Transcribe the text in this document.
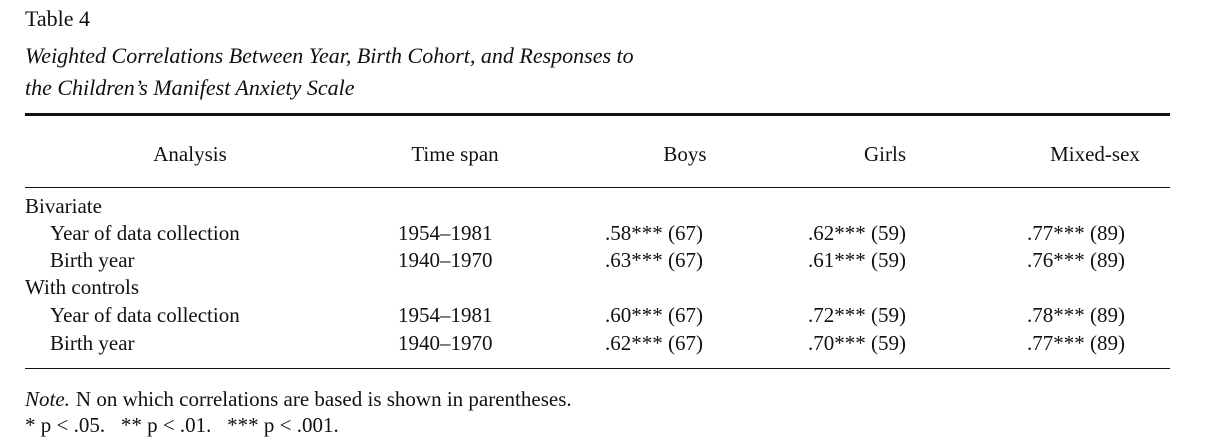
Table 4
Weighted Correlations Between Year, Birth Cohort, and Responses to
the Children’s Manifest Anxiety Scale
Analysis	Time span	Boys	Girls	Mixed-sex
Bivariate
Year of data collection	1954–1981	.58*** (67)	.62*** (59)	.77*** (89)
Birth year	1940–1970	.63*** (67)	.61*** (59)	.76*** (89)
With controls
Year of data collection	1954–1981	.60*** (67)	.72*** (59)	.78*** (89)
Birth year	1940–1970	.62*** (67)	.70*** (59)	.77*** (89)
Note. N on which correlations are based is shown in parentheses.
* p < .05.   ** p < .01.   *** p < .001.
